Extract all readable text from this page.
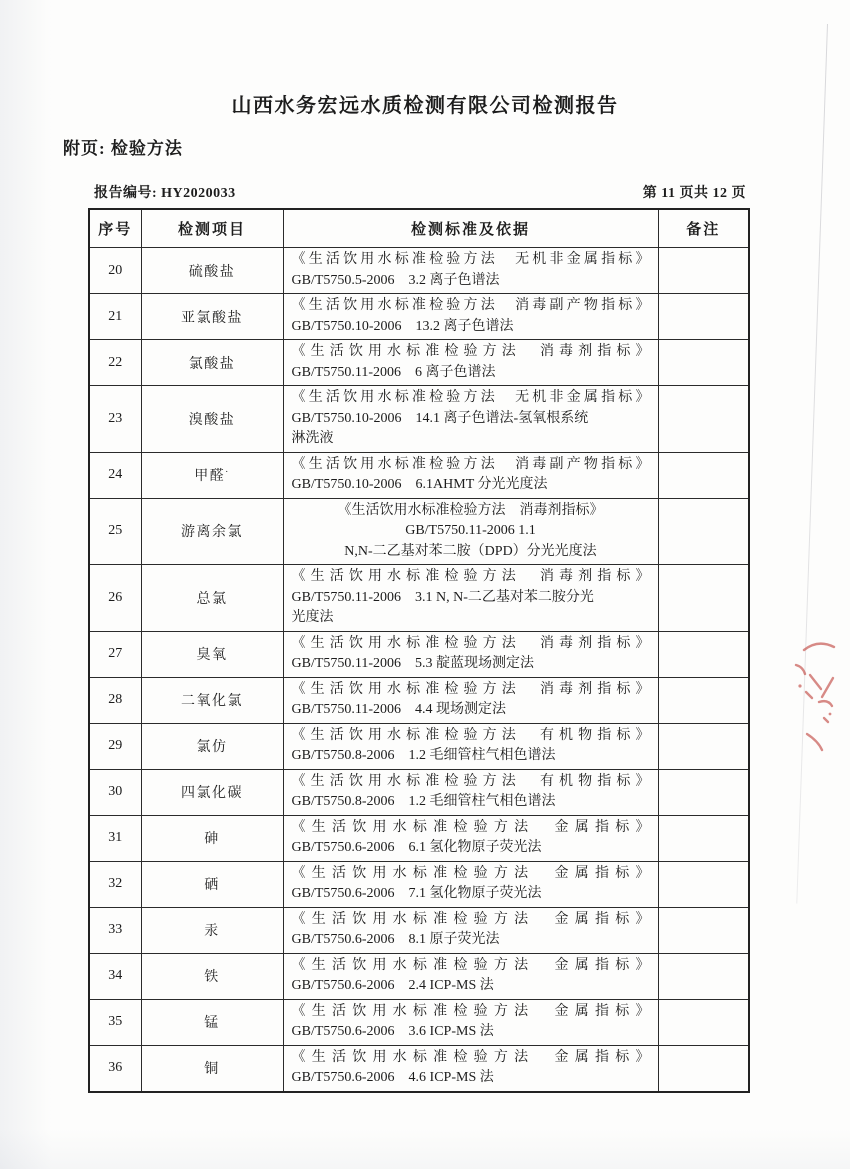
山西水务宏远水质检测有限公司检测报告
附页: 检验方法
报告编号: HY2020033	第 11 页共 12 页
序号	检测项目	检测标准及依据	备注
20	硫酸盐	《生活饮用水标准检验方法　无机非金属指标》
GB/T5750.5-2006　3.2 离子色谱法	

21	亚氯酸盐	《生活饮用水标准检验方法　消毒副产物指标》
GB/T5750.10-2006　13.2 离子色谱法	

22	氯酸盐	《生活饮用水标准检验方法　消毒剂指标》
GB/T5750.11-2006　6 离子色谱法	

23	溴酸盐	《生活饮用水标准检验方法　无机非金属指标》
GB/T5750.10-2006　14.1 离子色谱法-氢氧根系统
淋洗液	

24	甲醛·	《生活饮用水标准检验方法　消毒副产物指标》
GB/T5750.10-2006　6.1AHMT 分光光度法	

25	游离余氯	《生活饮用水标准检验方法　消毒剂指标》
GB/T5750.11-2006 1.1
N,N-二乙基对苯二胺（DPD）分光光度法	

26	总氯	《生活饮用水标准检验方法　消毒剂指标》
GB/T5750.11-2006　3.1 N, N-二乙基对苯二胺分光
光度法	

27	臭氧	《生活饮用水标准检验方法　消毒剂指标》
GB/T5750.11-2006　5.3 靛蓝现场测定法	

28	二氧化氯	《生活饮用水标准检验方法　消毒剂指标》
GB/T5750.11-2006　4.4 现场测定法	

29	氯仿	《生活饮用水标准检验方法　有机物指标》
GB/T5750.8-2006　1.2 毛细管柱气相色谱法	

30	四氯化碳	《生活饮用水标准检验方法　有机物指标》
GB/T5750.8-2006　1.2 毛细管柱气相色谱法	

31	砷	《生活饮用水标准检验方法　金属指标》
GB/T5750.6-2006　6.1 氢化物原子荧光法	

32	硒	《生活饮用水标准检验方法　金属指标》
GB/T5750.6-2006　7.1 氢化物原子荧光法	

33	汞	《生活饮用水标准检验方法　金属指标》
GB/T5750.6-2006　8.1 原子荧光法	

34	铁	《生活饮用水标准检验方法　金属指标》
GB/T5750.6-2006　2.4 ICP-MS 法	

35	锰	《生活饮用水标准检验方法　金属指标》
GB/T5750.6-2006　3.6 ICP-MS 法	

36	铜	《生活饮用水标准检验方法　金属指标》
GB/T5750.6-2006　4.6 ICP-MS 法	
